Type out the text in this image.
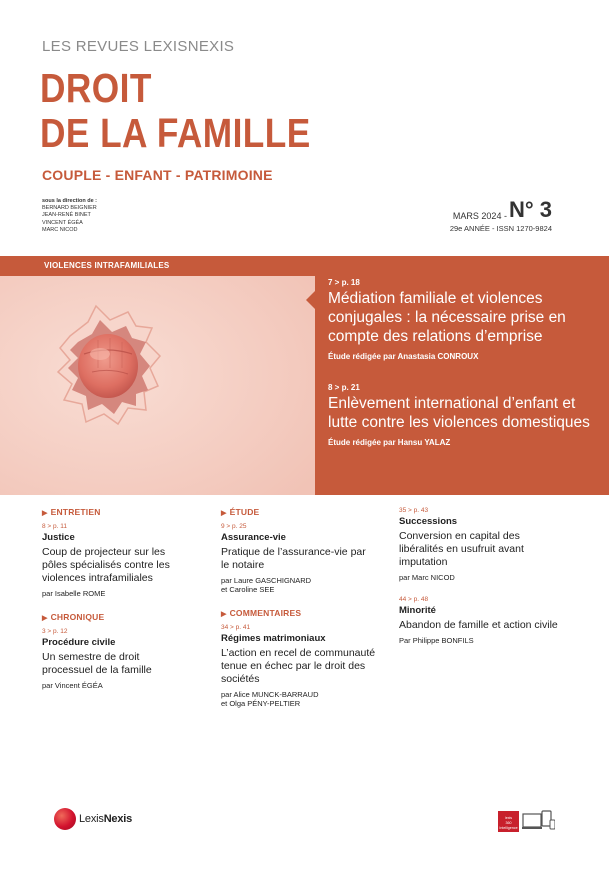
LES REVUES LEXISNEXIS
DROIT
DE LA FAMILLE
COUPLE - ENFANT - PATRIMOINE
sous la direction de :
BERNARD BEIGNIER
JEAN-RENÉ BINET
VINCENT ÉGÉA
MARC NICOD
MARS 2024 -N° 3
29e ANNÉE - ISSN 1270-9824
VIOLENCES INTRAFAMILIALES
7 > p. 18
Médiation familiale et violences conjugales : la nécessaire prise en compte des relations d’emprise
Étude rédigée par Anastasia CONROUX
8 > p. 21
Enlèvement international d’enfant et lutte contre les violences domestiques
Étude rédigée par Hansu YALAZ
▶ ENTRETIEN
8 > p. 11
Justice
Coup de projecteur sur les pôles spécialisés contre les violences intrafamiliales
par Isabelle ROME
▶ CHRONIQUE
3 > p. 12
Procédure civile
Un semestre de droit processuel de la famille
par Vincent ÉGÉA
▶ ÉTUDE
9 > p. 25
Assurance-vie
Pratique de l’assurance-vie par le notaire
par Laure GASCHIGNARD
et Caroline SEE
▶ COMMENTAIRES
34 > p. 41
Régimes matrimoniaux
L’action en recel de communauté tenue en échec par le droit des sociétés
par Alice MUNCK-BARRAUD
et Olga PÉNY-PELTIER
35 > p. 43
Successions
Conversion en capital des libéralités en usufruit avant imputation
par Marc NICOD
44 > p. 48
Minorité
Abandon de famille et action civile
Par Philippe BONFILS
LexisNexis	lexis
360
Intelligence
